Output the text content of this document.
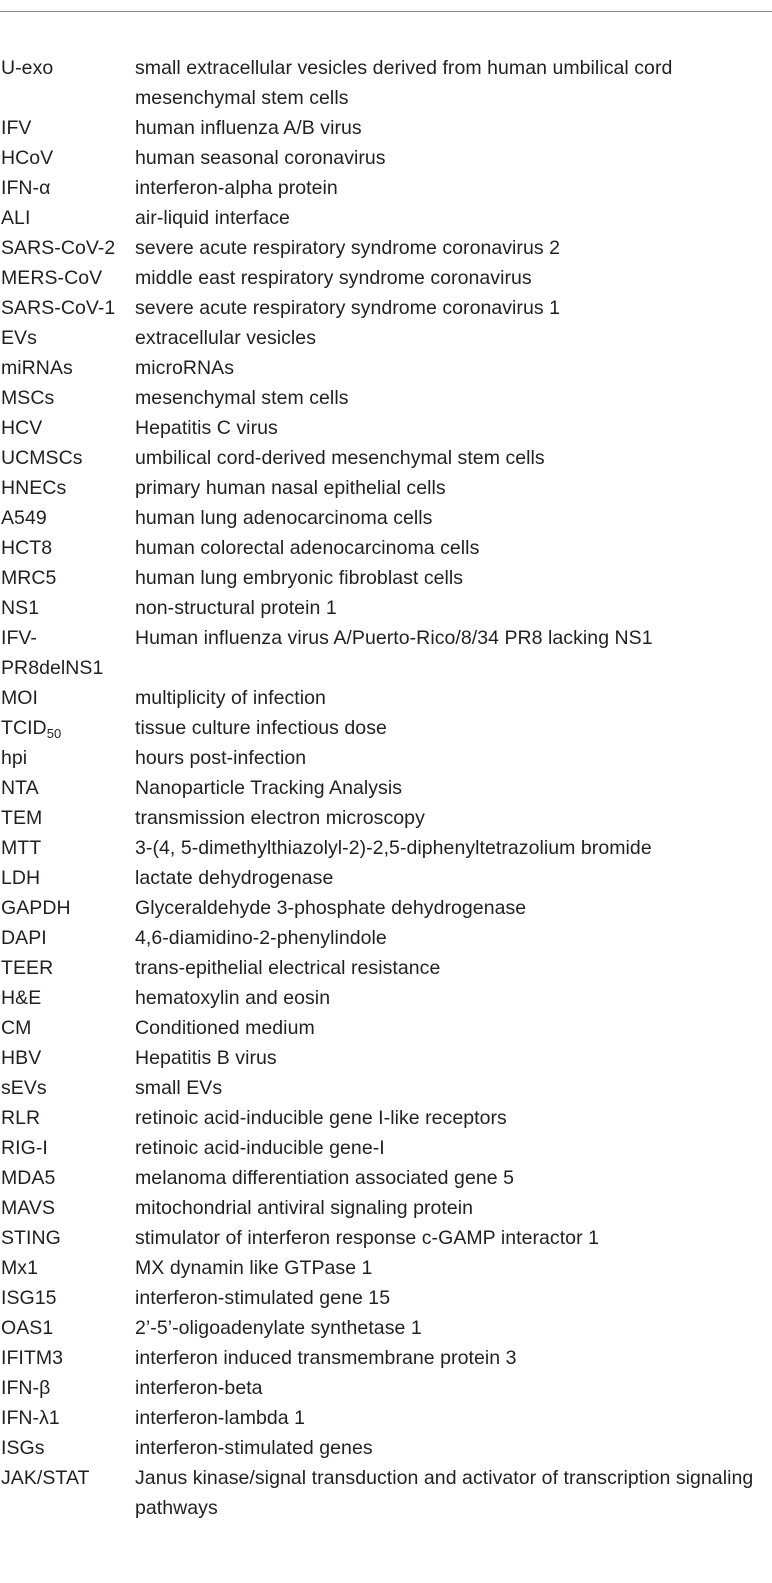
U-exo	small extracellular vesicles derived from human umbilical cord mesenchymal stem cells
IFV	human influenza A/B virus
HCoV	human seasonal coronavirus
IFN-α	interferon-alpha protein
ALI	air-liquid interface
SARS-CoV-2	severe acute respiratory syndrome coronavirus 2
MERS-CoV	middle east respiratory syndrome coronavirus
SARS-CoV-1	severe acute respiratory syndrome coronavirus 1
EVs	extracellular vesicles
miRNAs	microRNAs
MSCs	mesenchymal stem cells
HCV	Hepatitis C virus
UCMSCs	umbilical cord-derived mesenchymal stem cells
HNECs	primary human nasal epithelial cells
A549	human lung adenocarcinoma cells
HCT8	human colorectal adenocarcinoma cells
MRC5	human lung embryonic fibroblast cells
NS1	non-structural protein 1
IFV-PR8delNS1	Human influenza virus A/Puerto-Rico/8/34 PR8 lacking NS1
MOI	multiplicity of infection
$TCID_{50}$	tissue culture infectious dose
hpi	hours post-infection
NTA	Nanoparticle Tracking Analysis
TEM	transmission electron microscopy
MTT	3-(4, 5-dimethylthiazolyl-2)-2,5-diphenyltetrazolium bromide
LDH	lactate dehydrogenase
GAPDH	Glyceraldehyde 3-phosphate dehydrogenase
DAPI	4,6-diamidino-2-phenylindole
TEER	trans-epithelial electrical resistance
H&E	hematoxylin and eosin
CM	Conditioned medium
HBV	Hepatitis B virus
sEVs	small EVs
RLR	retinoic acid-inducible gene I-like receptors
RIG-I	retinoic acid-inducible gene-I
MDA5	melanoma differentiation associated gene 5
MAVS	mitochondrial antiviral signaling protein
STING	stimulator of interferon response c-GAMP interactor 1
Mx1	MX dynamin like GTPase 1
ISG15	interferon-stimulated gene 15
OAS1	2’-5’-oligoadenylate synthetase 1
IFITM3	interferon induced transmembrane protein 3
IFN-β	interferon-beta
IFN-λ1	interferon-lambda 1
ISGs	interferon-stimulated genes
JAK/STAT	Janus kinase/signal transduction and activator of transcription signaling pathways
